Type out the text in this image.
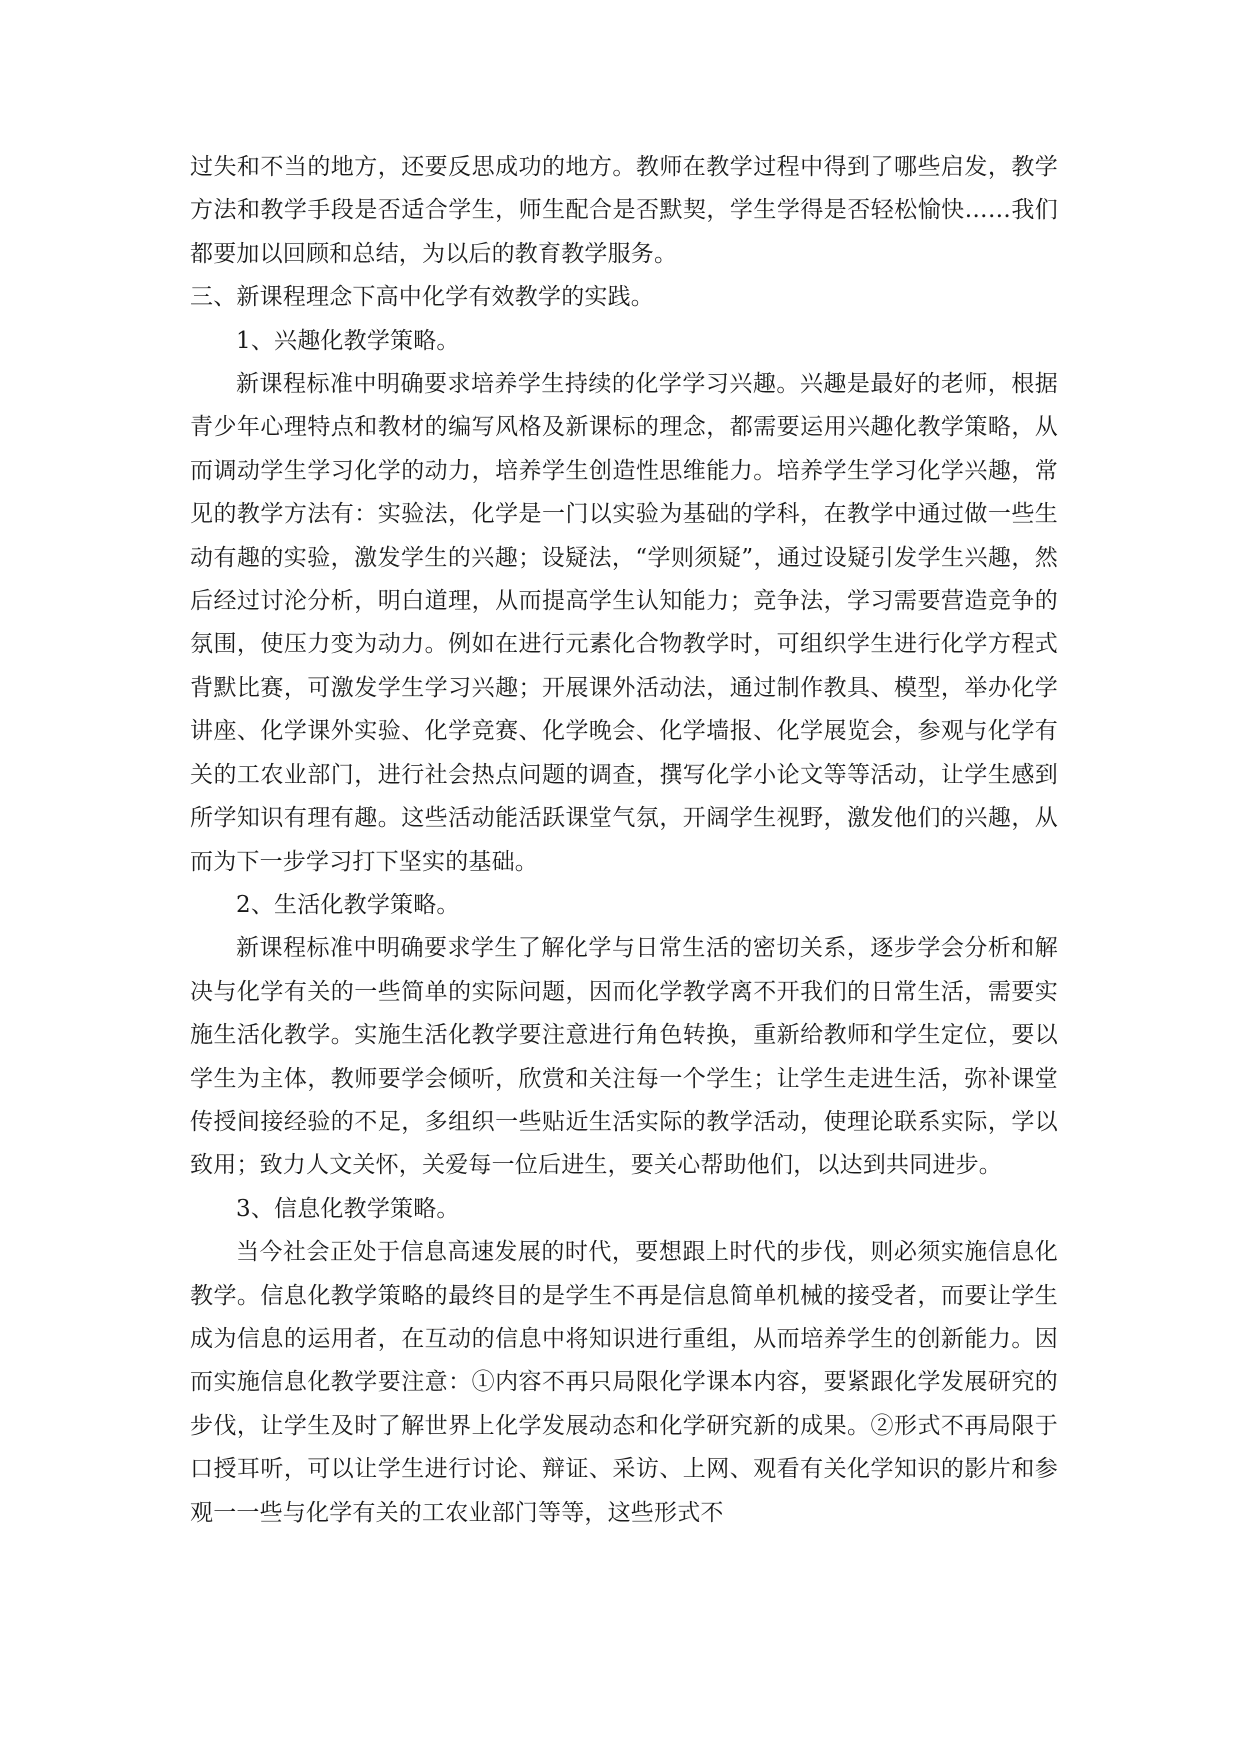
过失和不当的地方，还要反思成功的地方。教师在教学过程中得到了哪些启发，教学方法和教学手段是否适合学生，师生配合是否默契，学生学得是否轻松愉快……我们都要加以回顾和总结，为以后的教育教学服务。

三、新课程理念下高中化学有效教学的实践。

1、兴趣化教学策略。

新课程标准中明确要求培养学生持续的化学学习兴趣。兴趣是最好的老师，根据青少年心理特点和教材的编写风格及新课标的理念，都需要运用兴趣化教学策略，从而调动学生学习化学的动力，培养学生创造性思维能力。培养学生学习化学兴趣，常见的教学方法有：实验法，化学是一门以实验为基础的学科，在教学中通过做一些生动有趣的实验，激发学生的兴趣；设疑法，“学则须疑”，通过设疑引发学生兴趣，然后经过讨沦分析，明白道理，从而提高学生认知能力；竞争法，学习需要营造竞争的氛围，使压力变为动力。例如在进行元素化合物教学时，可组织学生进行化学方程式背默比赛，可激发学生学习兴趣；开展课外活动法，通过制作教具、模型，举办化学讲座、化学课外实验、化学竞赛、化学晚会、化学墙报、化学展览会，参观与化学有关的工农业部门，进行社会热点问题的调查，撰写化学小论文等等活动，让学生感到所学知识有理有趣。这些活动能活跃课堂气氛，开阔学生视野，激发他们的兴趣，从而为下一步学习打下坚实的基础。

2、生活化教学策略。

新课程标准中明确要求学生了解化学与日常生活的密切关系，逐步学会分析和解决与化学有关的一些简单的实际问题，因而化学教学离不开我们的日常生活，需要实施生活化教学。实施生活化教学要注意进行角色转换，重新给教师和学生定位，要以学生为主体，教师要学会倾听，欣赏和关注每一个学生；让学生走进生活，弥补课堂传授间接经验的不足，多组织一些贴近生活实际的教学活动，使理论联系实际，学以致用；致力人文关怀，关爱每一位后进生，要关心帮助他们，以达到共同进步。

3、信息化教学策略。

当今社会正处于信息高速发展的时代，要想跟上时代的步伐，则必须实施信息化教学。信息化教学策略的最终目的是学生不再是信息简单机械的接受者，而要让学生成为信息的运用者，在互动的信息中将知识进行重组，从而培养学生的创新能力。因而实施信息化教学要注意：①内容不再只局限化学课本内容，要紧跟化学发展研究的步伐，让学生及时了解世界上化学发展动态和化学研究新的成果。②形式不再局限于口授耳听，可以让学生进行讨论、辩证、采访、上网、观看有关化学知识的影片和参观一一些与化学有关的工农业部门等等，这些形式不
